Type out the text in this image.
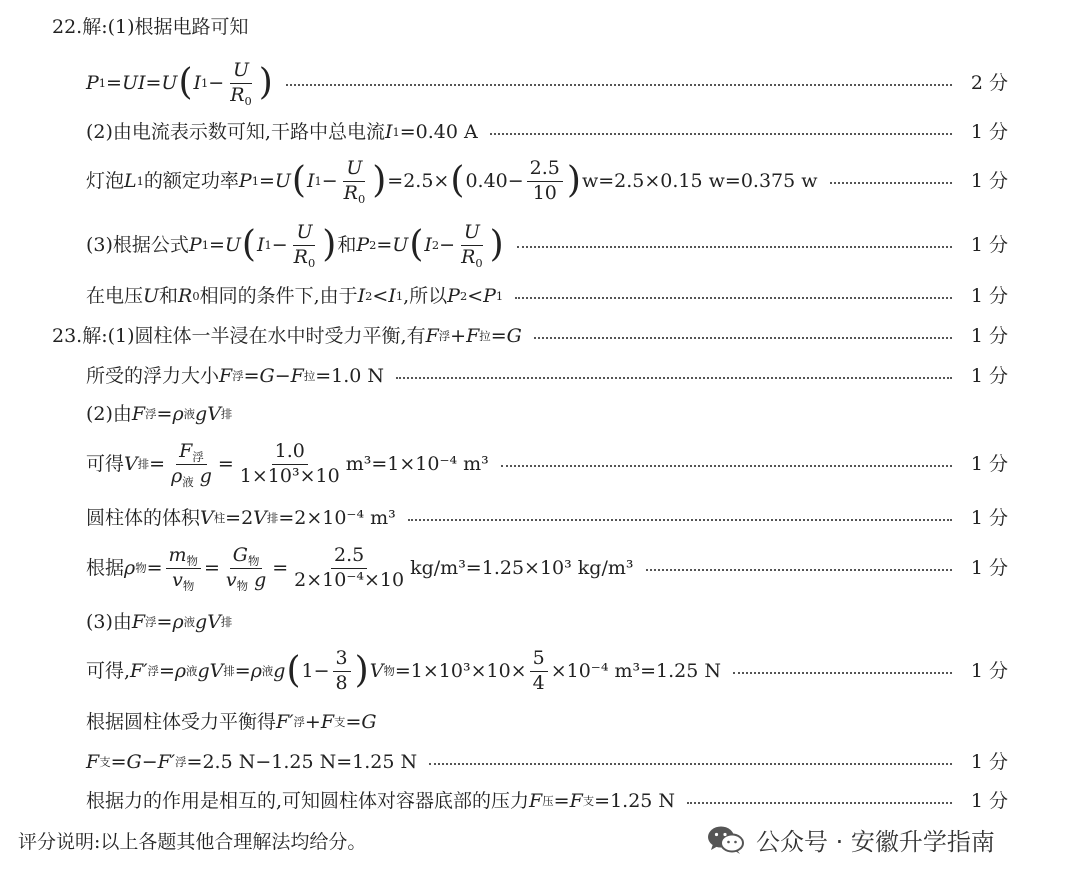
22.解:(1)根据电路可知
P 1 = UI = U ( I $1 - \frac{U}{R_0}$ )	2 分
(2)由电流表示数可知,干路中总电流 I 1 =0.40 A	1 分
灯泡 L 1 的额定功率 P 1 = U ( I $1 - \frac{U}{R_0}$ ) =2.5× ( $0.40- \frac{2.5}{10}$ ) w=2.5×0.15 w=0.375 w	1 分
(3)根据公式 P 1 = U ( I $1 - \frac{U}{R_0}$ ) 和 P 2 = U ( I $2 - \frac{U}{R_0}$ )	1 分
在电压 U 和 R 0 相同的条件下,由于 I 2 < I 1 ,所以 P 2 < P 1	1 分
23.解:(1)圆柱体一半浸在水中时受力平衡,有 F 浮 + F 拉 = G	1 分
所受的浮力大小 F 浮 = G − F 拉 =1.0 N	1 分
(2)由 F 浮 = ρ 液 g V 排
可得 V 排 = $\frac{F_浮}{\rho_液 g} = \frac{1.0}{\text{1×10³×10}} m^3=1\times 10^{-4}$ m³	1 分
圆柱体的体积 V 柱 =2 V 排 =2×10⁻⁴ m³	1 分
根据 ρ 物 = $\frac{m_物}{v_物} = \frac{G_物}{v_物 g} = \frac{2.5}{\text{2×10⁻⁴×10}} kg/m^3=1.25\times 10^3$ kg/m³	1 分
(3)由 F 浮 = ρ 液 g V 排
可得, F′ 浮 = ρ 液 g V 排 = ρ 液 g ( $1- \frac{3}{8}$ ) V 物 $=1\times 10^3\times 10\times \frac{5}{4} \times 10^{-4}$ m³=1.25 N	1 分
根据圆柱体受力平衡得 F′ 浮 + F 支 = G
F 支 = G − F′ 浮 =2.5 N−1.25 N=1.25 N	1 分
根据力的作用是相互的,可知圆柱体对容器底部的压力 F 压 = F 支 =1.25 N	1 分
评分说明:以上各题其他合理解法均给分。	公众号 · 安徽升学指南
